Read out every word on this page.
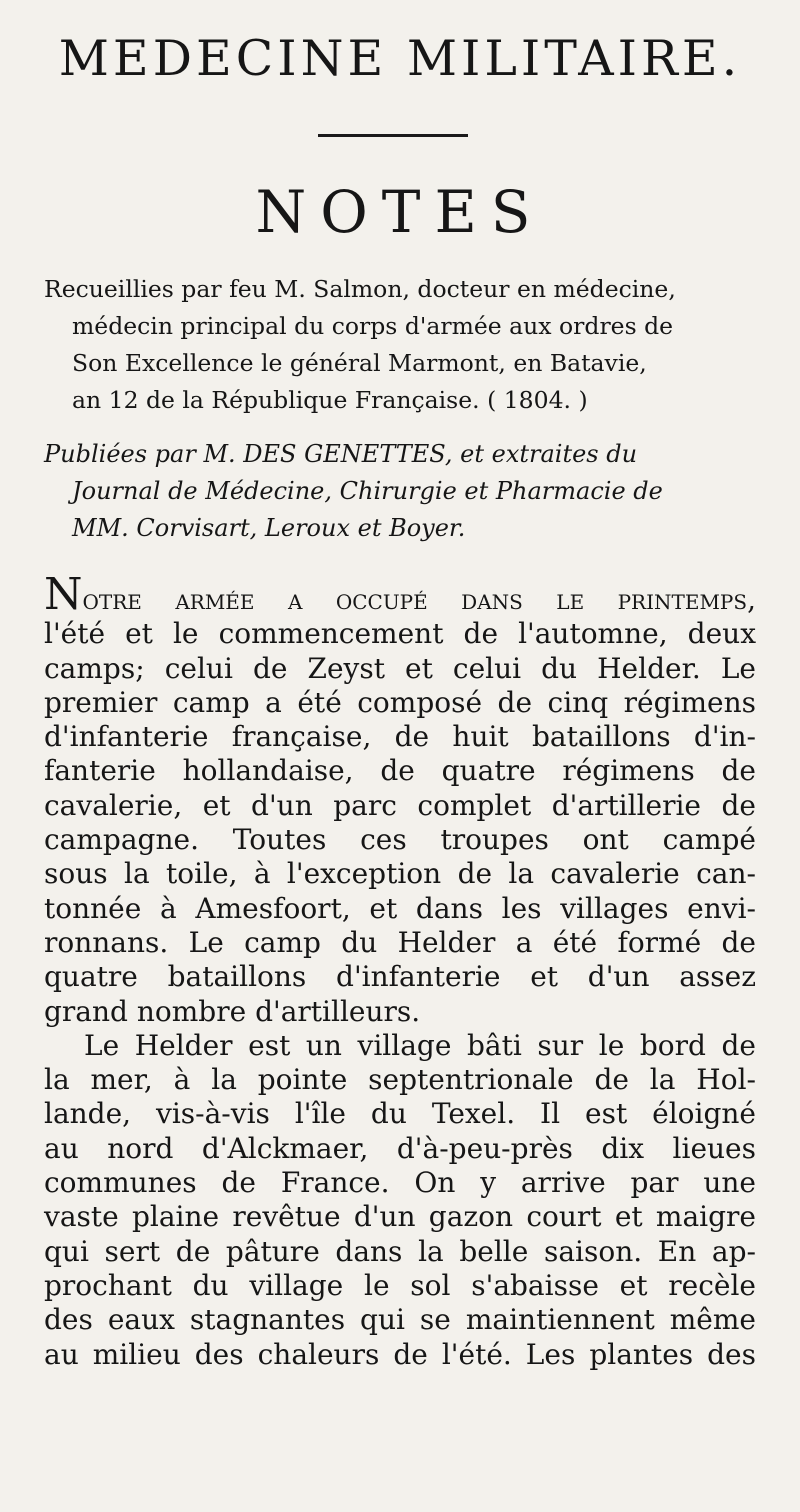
MEDECINE MILITAIRE.
NOTES

Recueillies par feu M. Salmon, docteur en médecine,

médecin principal du corps d'armée aux ordres de

Son Excellence le général Marmont, en Batavie,

an 12 de la République Française. ( 1804. )

Publiées par M. DES GENETTES, et extraites du

Journal de Médecine, Chirurgie et Pharmacie de

MM. Corvisart, Leroux et Boyer.

Notre armée a occupé dans le printemps,

l'été et le commencement de l'automne, deux

camps; celui de Zeyst et celui du Helder. Le

premier camp a été composé de cinq régimens

d'infanterie française, de huit bataillons d'in-

fanterie hollandaise, de quatre régimens de

cavalerie, et d'un parc complet d'artillerie de

campagne. Toutes ces troupes ont campé

sous la toile, à l'exception de la cavalerie can-

tonnée à Amesfoort, et dans les villages envi-

ronnans. Le camp du Helder a été formé de

quatre bataillons d'infanterie et d'un assez

grand nombre d'artilleurs.

Le Helder est un village bâti sur le bord de

la mer, à la pointe septentrionale de la Hol-

lande, vis-à-vis l'île du Texel. Il est éloigné

au nord d'Alckmaer, d'à-peu-près dix lieues

communes de France. On y arrive par une

vaste plaine revêtue d'un gazon court et maigre

qui sert de pâture dans la belle saison. En ap-

prochant du village le sol s'abaisse et recèle

des eaux stagnantes qui se maintiennent même

au milieu des chaleurs de l'été. Les plantes des
